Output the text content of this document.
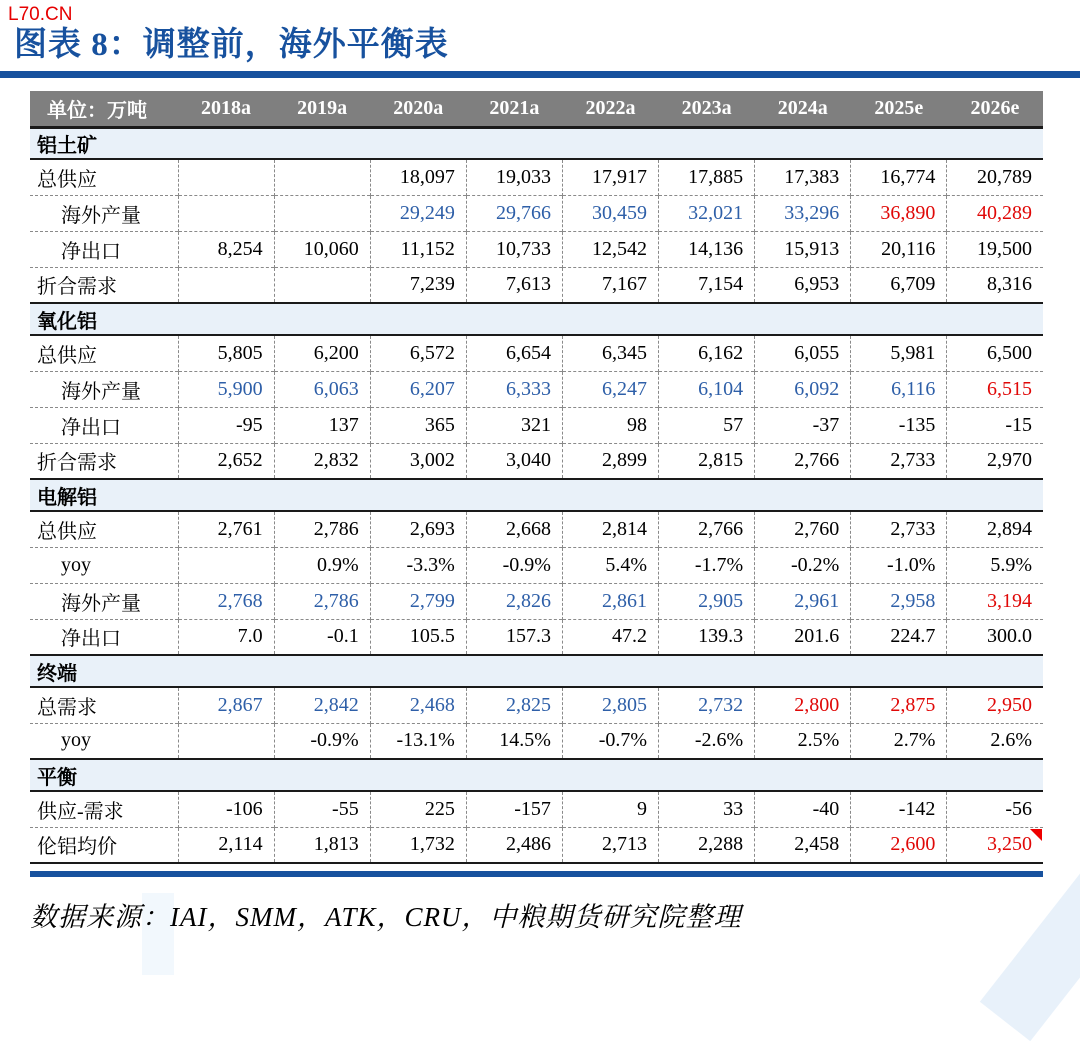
L70.CN
图表 8：调整前，海外平衡表
单位：万吨	2018a	2019a	2020a	2021a	2022a	2023a	2024a	2025e	2026e
铝土矿									
总供应			18,097	19,033	17,917	17,885	17,383	16,774	20,789
海外产量			29,249	29,766	30,459	32,021	33,296	36,890	40,289
净出口	8,254	10,060	11,152	10,733	12,542	14,136	15,913	20,116	19,500
折合需求			7,239	7,613	7,167	7,154	6,953	6,709	8,316
氧化铝									
总供应	5,805	6,200	6,572	6,654	6,345	6,162	6,055	5,981	6,500
海外产量	5,900	6,063	6,207	6,333	6,247	6,104	6,092	6,116	6,515
净出口	-95	137	365	321	98	57	-37	-135	-15
折合需求	2,652	2,832	3,002	3,040	2,899	2,815	2,766	2,733	2,970
电解铝									
总供应	2,761	2,786	2,693	2,668	2,814	2,766	2,760	2,733	2,894
yoy		0.9%	-3.3%	-0.9%	5.4%	-1.7%	-0.2%	-1.0%	5.9%
海外产量	2,768	2,786	2,799	2,826	2,861	2,905	2,961	2,958	3,194
净出口	7.0	-0.1	105.5	157.3	47.2	139.3	201.6	224.7	300.0
终端									
总需求	2,867	2,842	2,468	2,825	2,805	2,732	2,800	2,875	2,950
yoy		-0.9%	-13.1%	14.5%	-0.7%	-2.6%	2.5%	2.7%	2.6%
平衡									
供应-需求	-106	-55	225	-157	9	33	-40	-142	-56
伦铝均价	2,114	1,813	1,732	2,486	2,713	2,288	2,458	2,600	3,250
数据来源：IAI，SMM，ATK，CRU，中粮期货研究院整理
